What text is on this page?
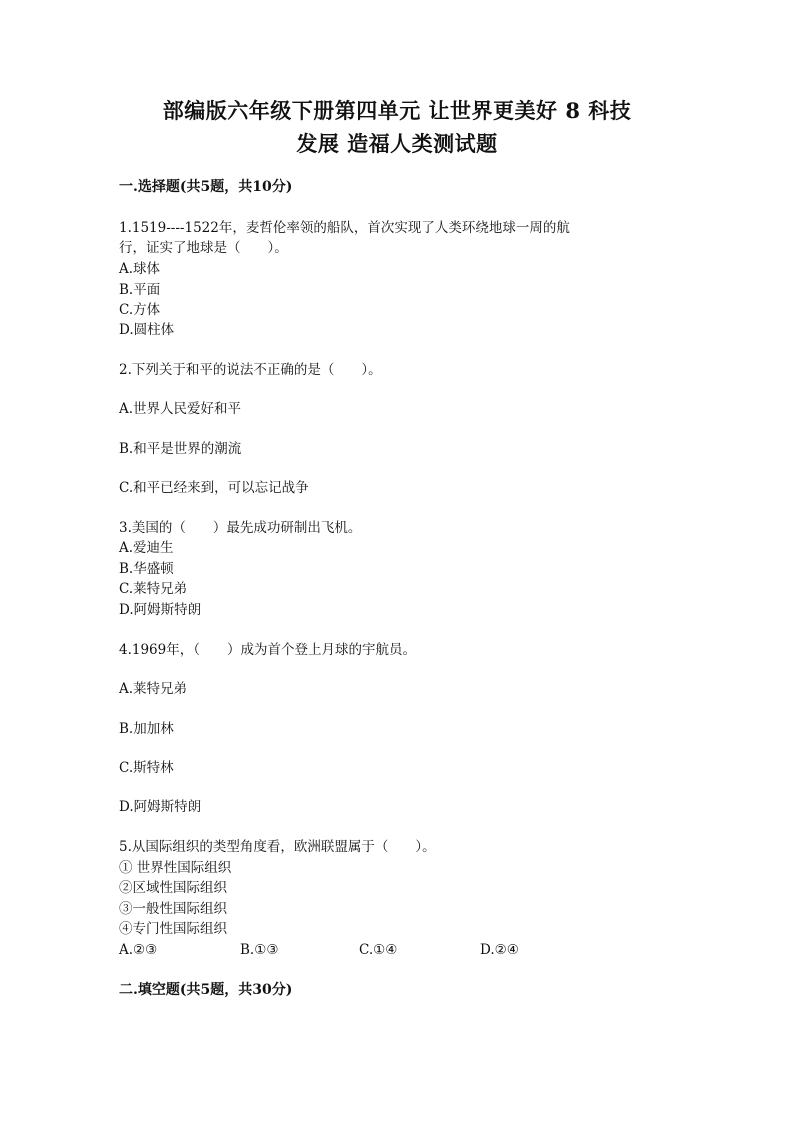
部编版六年级下册第四单元 让世界更美好 8 科技
发展 造福人类测试题
一.选择题(共5题，共10分)
1.1519----1522年，麦哲伦率领的船队，首次实现了人类环绕地球一周的航
行，证实了地球是（　　）。
A.球体
B.平面
C.方体
D.圆柱体
2.下列关于和平的说法不正确的是（　　）。
A.世界人民爱好和平
B.和平是世界的潮流
C.和平已经来到，可以忘记战争
3.美国的（　　）最先成功研制出飞机。
A.爱迪生
B.华盛顿
C.莱特兄弟
D.阿姆斯特朗
4.1969年，（　　）成为首个登上月球的宇航员。
A.莱特兄弟
B.加加林
C.斯特林
D.阿姆斯特朗
5.从国际组织的类型角度看，欧洲联盟属于（　　）。
① 世界性国际组织
②区域性国际组织
③一般性国际组织
④专门性国际组织
A.②③	B.①③	C.①④	D.②④
二.填空题(共5题，共30分)
